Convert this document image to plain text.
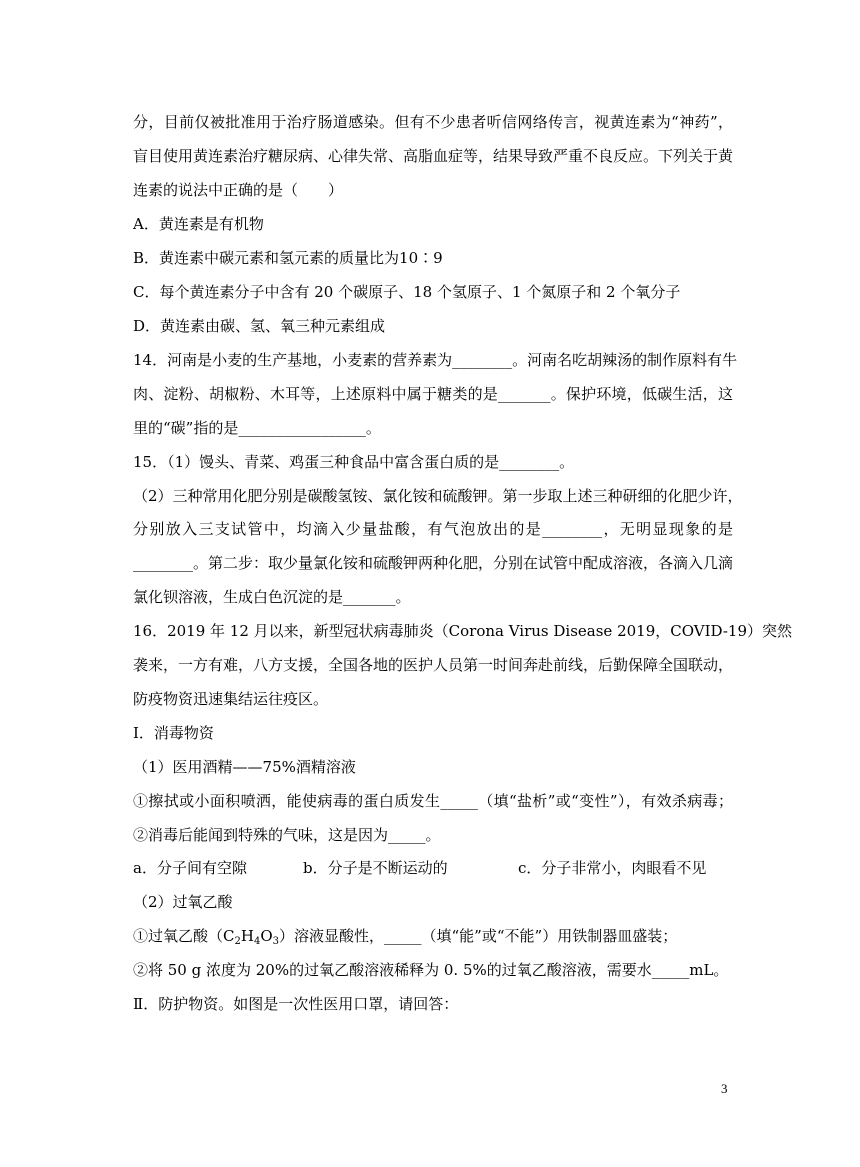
分，目前仅被批准用于治疗肠道感染。但有不少患者听信网络传言，视黄连素为“神药”，
盲目使用黄连素治疗糖尿病、心律失常、高脂血症等，结果导致严重不良反应。下列关于黄
连素的说法中正确的是（　　）
A．黄连素是有机物
B．黄连素中碳元素和氢元素的质量比为10∶9
C．每个黄连素分子中含有 20 个碳原子、18 个氢原子、1 个氮原子和 2 个氧分子
D．黄连素由碳、氢、氧三种元素组成
14．河南是小麦的生产基地，小麦素的营养素为________。河南名吃胡辣汤的制作原料有牛
肉、淀粉、胡椒粉、木耳等，上述原料中属于糖类的是_______。保护环境，低碳生活，这
里的“碳”指的是_________________。
15．（1）馒头、青菜、鸡蛋三种食品中富含蛋白质的是________。
（2）三种常用化肥分别是碳酸氢铵、氯化铵和硫酸钾。第一步取上述三种研细的化肥少许，
分别放入三支试管中，均滴入少量盐酸，有气泡放出的是________，无明显现象的是
________。第二步：取少量氯化铵和硫酸钾两种化肥，分别在试管中配成溶液，各滴入几滴
氯化钡溶液，生成白色沉淀的是_______。
16．2019 年 12 月以来，新型冠状病毒肺炎（Corona Virus Disease 2019，COVID-19）突然
袭来，一方有难，八方支援，全国各地的医护人员第一时间奔赴前线，后勤保障全国联动，
防疫物资迅速集结运往疫区。
I．消毒物资
（1）医用酒精——75%酒精溶液
①擦拭或小面积喷洒，能使病毒的蛋白质发生_____（填“盐析”或“变性”），有效杀病毒；
②消毒后能闻到特殊的气味，这是因为_____。
a．分子间有空隙	b．分子是不断运动的	c．分子非常小，肉眼看不见
（2）过氧乙酸
①过氧乙酸$(C_2H_4O_3)$溶液显酸性，_____（填“能”或“不能”）用铁制器皿盛装；
②将 50 g 浓度为 20%的过氧乙酸溶液稀释为 0. 5%的过氧乙酸溶液，需要水_____mL。
Ⅱ．防护物资。如图是一次性医用口罩，请回答：
3
